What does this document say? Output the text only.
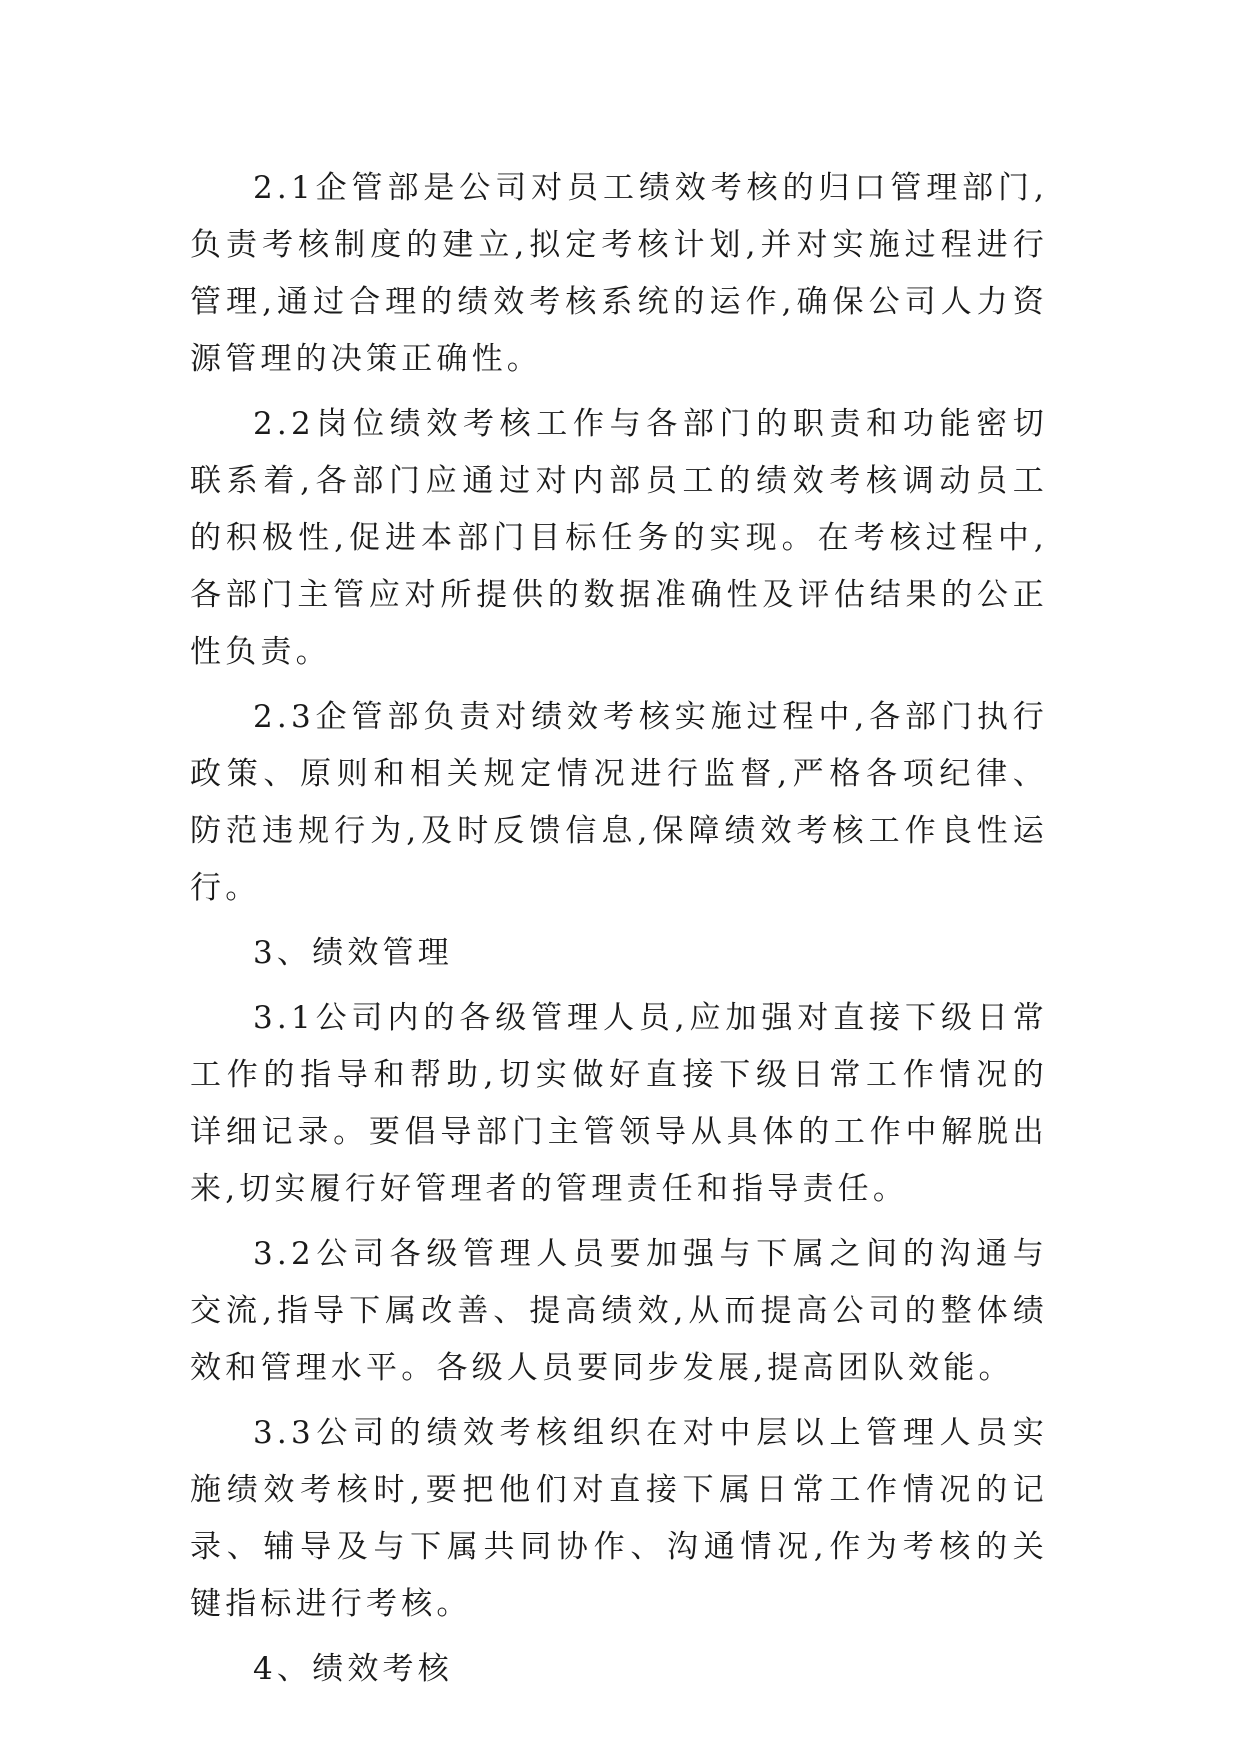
2.1企管部是公司对员工绩效考核的归口管理部门,负责考核制度的建立,拟定考核计划,并对实施过程进行管理,通过合理的绩效考核系统的运作,确保公司人力资源管理的决策正确性。

2.2岗位绩效考核工作与各部门的职责和功能密切联系着,各部门应通过对内部员工的绩效考核调动员工的积极性,促进本部门目标任务的实现。在考核过程中,各部门主管应对所提供的数据准确性及评估结果的公正性负责。

2.3企管部负责对绩效考核实施过程中,各部门执行政策、原则和相关规定情况进行监督,严格各项纪律、防范违规行为,及时反馈信息,保障绩效考核工作良性运行。

3、绩效管理

3.1公司内的各级管理人员,应加强对直接下级日常工作的指导和帮助,切实做好直接下级日常工作情况的详细记录。要倡导部门主管领导从具体的工作中解脱出来,切实履行好管理者的管理责任和指导责任。

3.2公司各级管理人员要加强与下属之间的沟通与交流,指导下属改善、提高绩效,从而提高公司的整体绩效和管理水平。各级人员要同步发展,提高团队效能。

3.3公司的绩效考核组织在对中层以上管理人员实施绩效考核时,要把他们对直接下属日常工作情况的记录、辅导及与下属共同协作、沟通情况,作为考核的关键指标进行考核。

4、绩效考核
